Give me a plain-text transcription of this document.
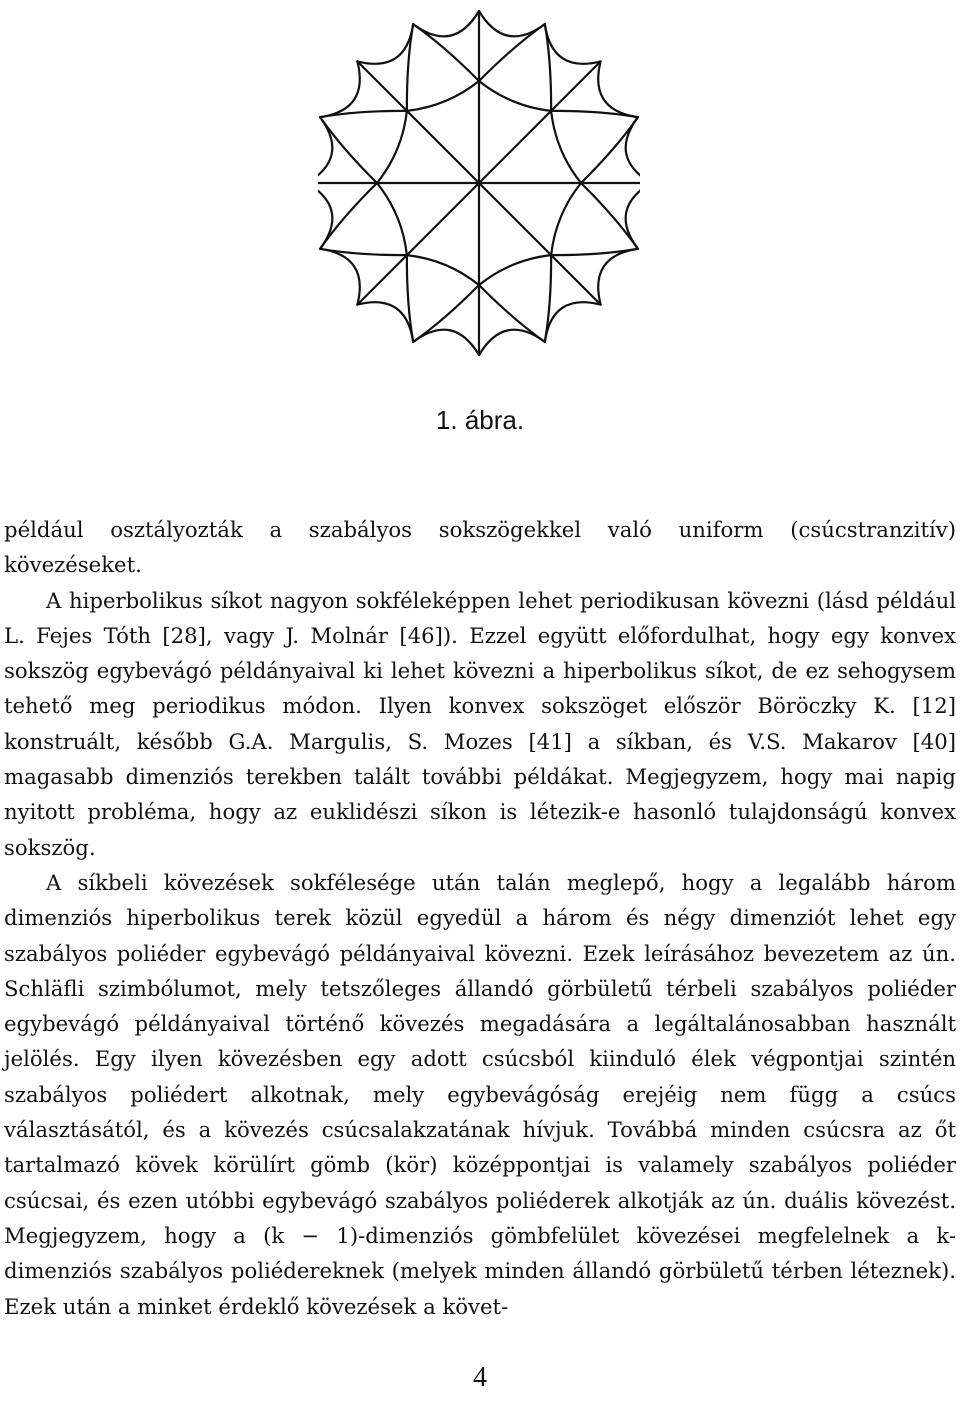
1. ábra.

például osztályozták a szabályos sokszögekkel való uniform (csúcstranzitív) kövezéseket.

A hiperbolikus síkot nagyon sokféleképpen lehet periodikusan kövezni (lásd például L. Fejes Tóth [28], vagy J. Molnár [46]). Ezzel együtt előfordulhat, hogy egy konvex sokszög egybevágó példányaival ki lehet kövezni a hiperbolikus síkot, de ez sehogysem tehető meg periodikus módon. Ilyen konvex sokszöget először Böröczky K. [12] konstruált, később G.A. Margulis, S. Mozes [41] a síkban, és V.S. Makarov [40] magasabb dimenziós terekben talált további példákat. Megjegyzem, hogy mai napig nyitott probléma, hogy az euklidészi síkon is létezik-e hasonló tulajdonságú konvex sokszög.

A síkbeli kövezések sokfélesége után talán meglepő, hogy a legalább három dimenziós hiperbolikus terek közül egyedül a három és négy dimenziót lehet egy szabályos poliéder egybevágó példányaival kövezni. Ezek leírásához bevezetem az ún. Schläfli szimbólumot, mely tetszőleges állandó görbületű térbeli szabályos poliéder egybevágó példányaival történő kövezés megadására a legáltalánosabban használt jelölés. Egy ilyen kövezésben egy adott csúcsból kiinduló élek végpontjai szintén szabályos poliédert alkotnak, mely egybevágóság erejéig nem függ a csúcs választásától, és a kövezés csúcsalakzatának hívjuk. Továbbá minden csúcsra az őt tartalmazó kövek körülírt gömb (kör) középpontjai is valamely szabályos poliéder csúcsai, és ezen utóbbi egybevágó szabályos poliéderek alkotják az ún. duális kövezést. Megjegyzem, hogy a (k − 1)-dimenziós gömbfelület kövezései megfelelnek a k-dimenziós szabályos poliédereknek (melyek minden állandó görbületű térben léteznek). Ezek után a minket érdeklő kövezések a követ-

4
